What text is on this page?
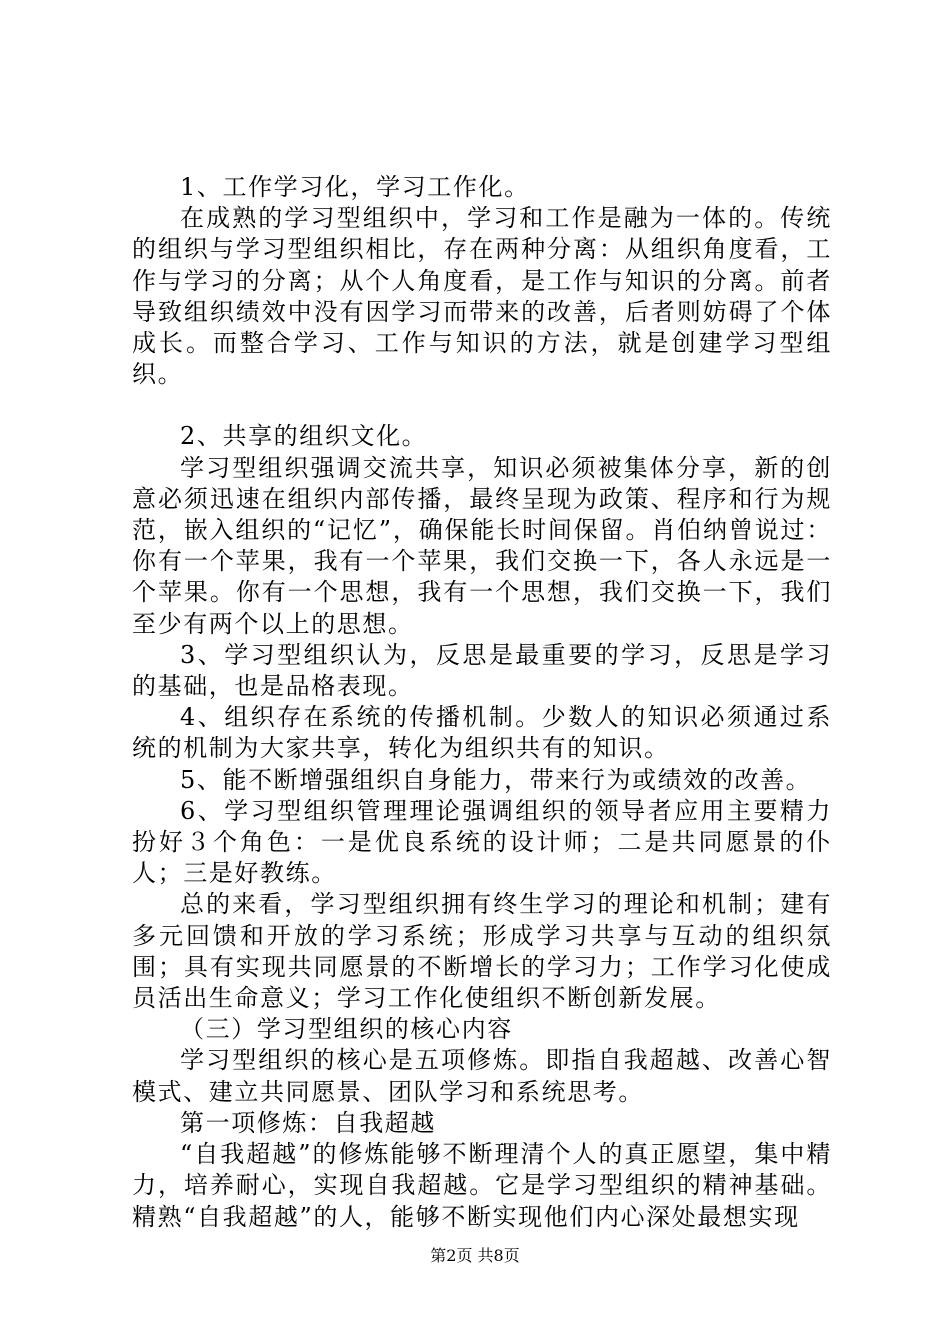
1、工作学习化，学习工作化。

在成熟的学习型组织中，学习和工作是融为一体的。传统的组织与学习型组织相比，存在两种分离：从组织角度看，工作与学习的分离；从个人角度看，是工作与知识的分离。前者导致组织绩效中没有因学习而带来的改善，后者则妨碍了个体成长。而整合学习、工作与知识的方法，就是创建学习型组织。

2、共享的组织文化。

学习型组织强调交流共享，知识必须被集体分享，新的创意必须迅速在组织内部传播，最终呈现为政策、程序和行为规范，嵌入组织的“记忆”，确保能长时间保留。肖伯纳曾说过：你有一个苹果，我有一个苹果，我们交换一下，各人永远是一个苹果。你有一个思想，我有一个思想，我们交换一下，我们至少有两个以上的思想。

3、学习型组织认为，反思是最重要的学习，反思是学习的基础，也是品格表现。

4、组织存在系统的传播机制。少数人的知识必须通过系统的机制为大家共享，转化为组织共有的知识。

5、能不断增强组织自身能力，带来行为或绩效的改善。

6、学习型组织管理理论强调组织的领导者应用主要精力扮好３个角色：一是优良系统的设计师；二是共同愿景的仆人；三是好教练。

总的来看，学习型组织拥有终生学习的理论和机制；建有多元回馈和开放的学习系统；形成学习共享与互动的组织氛围；具有实现共同愿景的不断增长的学习力；工作学习化使成员活出生命意义；学习工作化使组织不断创新发展。

（三）学习型组织的核心内容

学习型组织的核心是五项修炼。即指自我超越、改善心智模式、建立共同愿景、团队学习和系统思考。

第一项修炼：自我超越

“自我超越”的修炼能够不断理清个人的真正愿望，集中精力，培养耐心，实现自我超越。它是学习型组织的精神基础。精熟“自我超越”的人，能够不断实现他们内心深处最想实现

第2页 共8页
